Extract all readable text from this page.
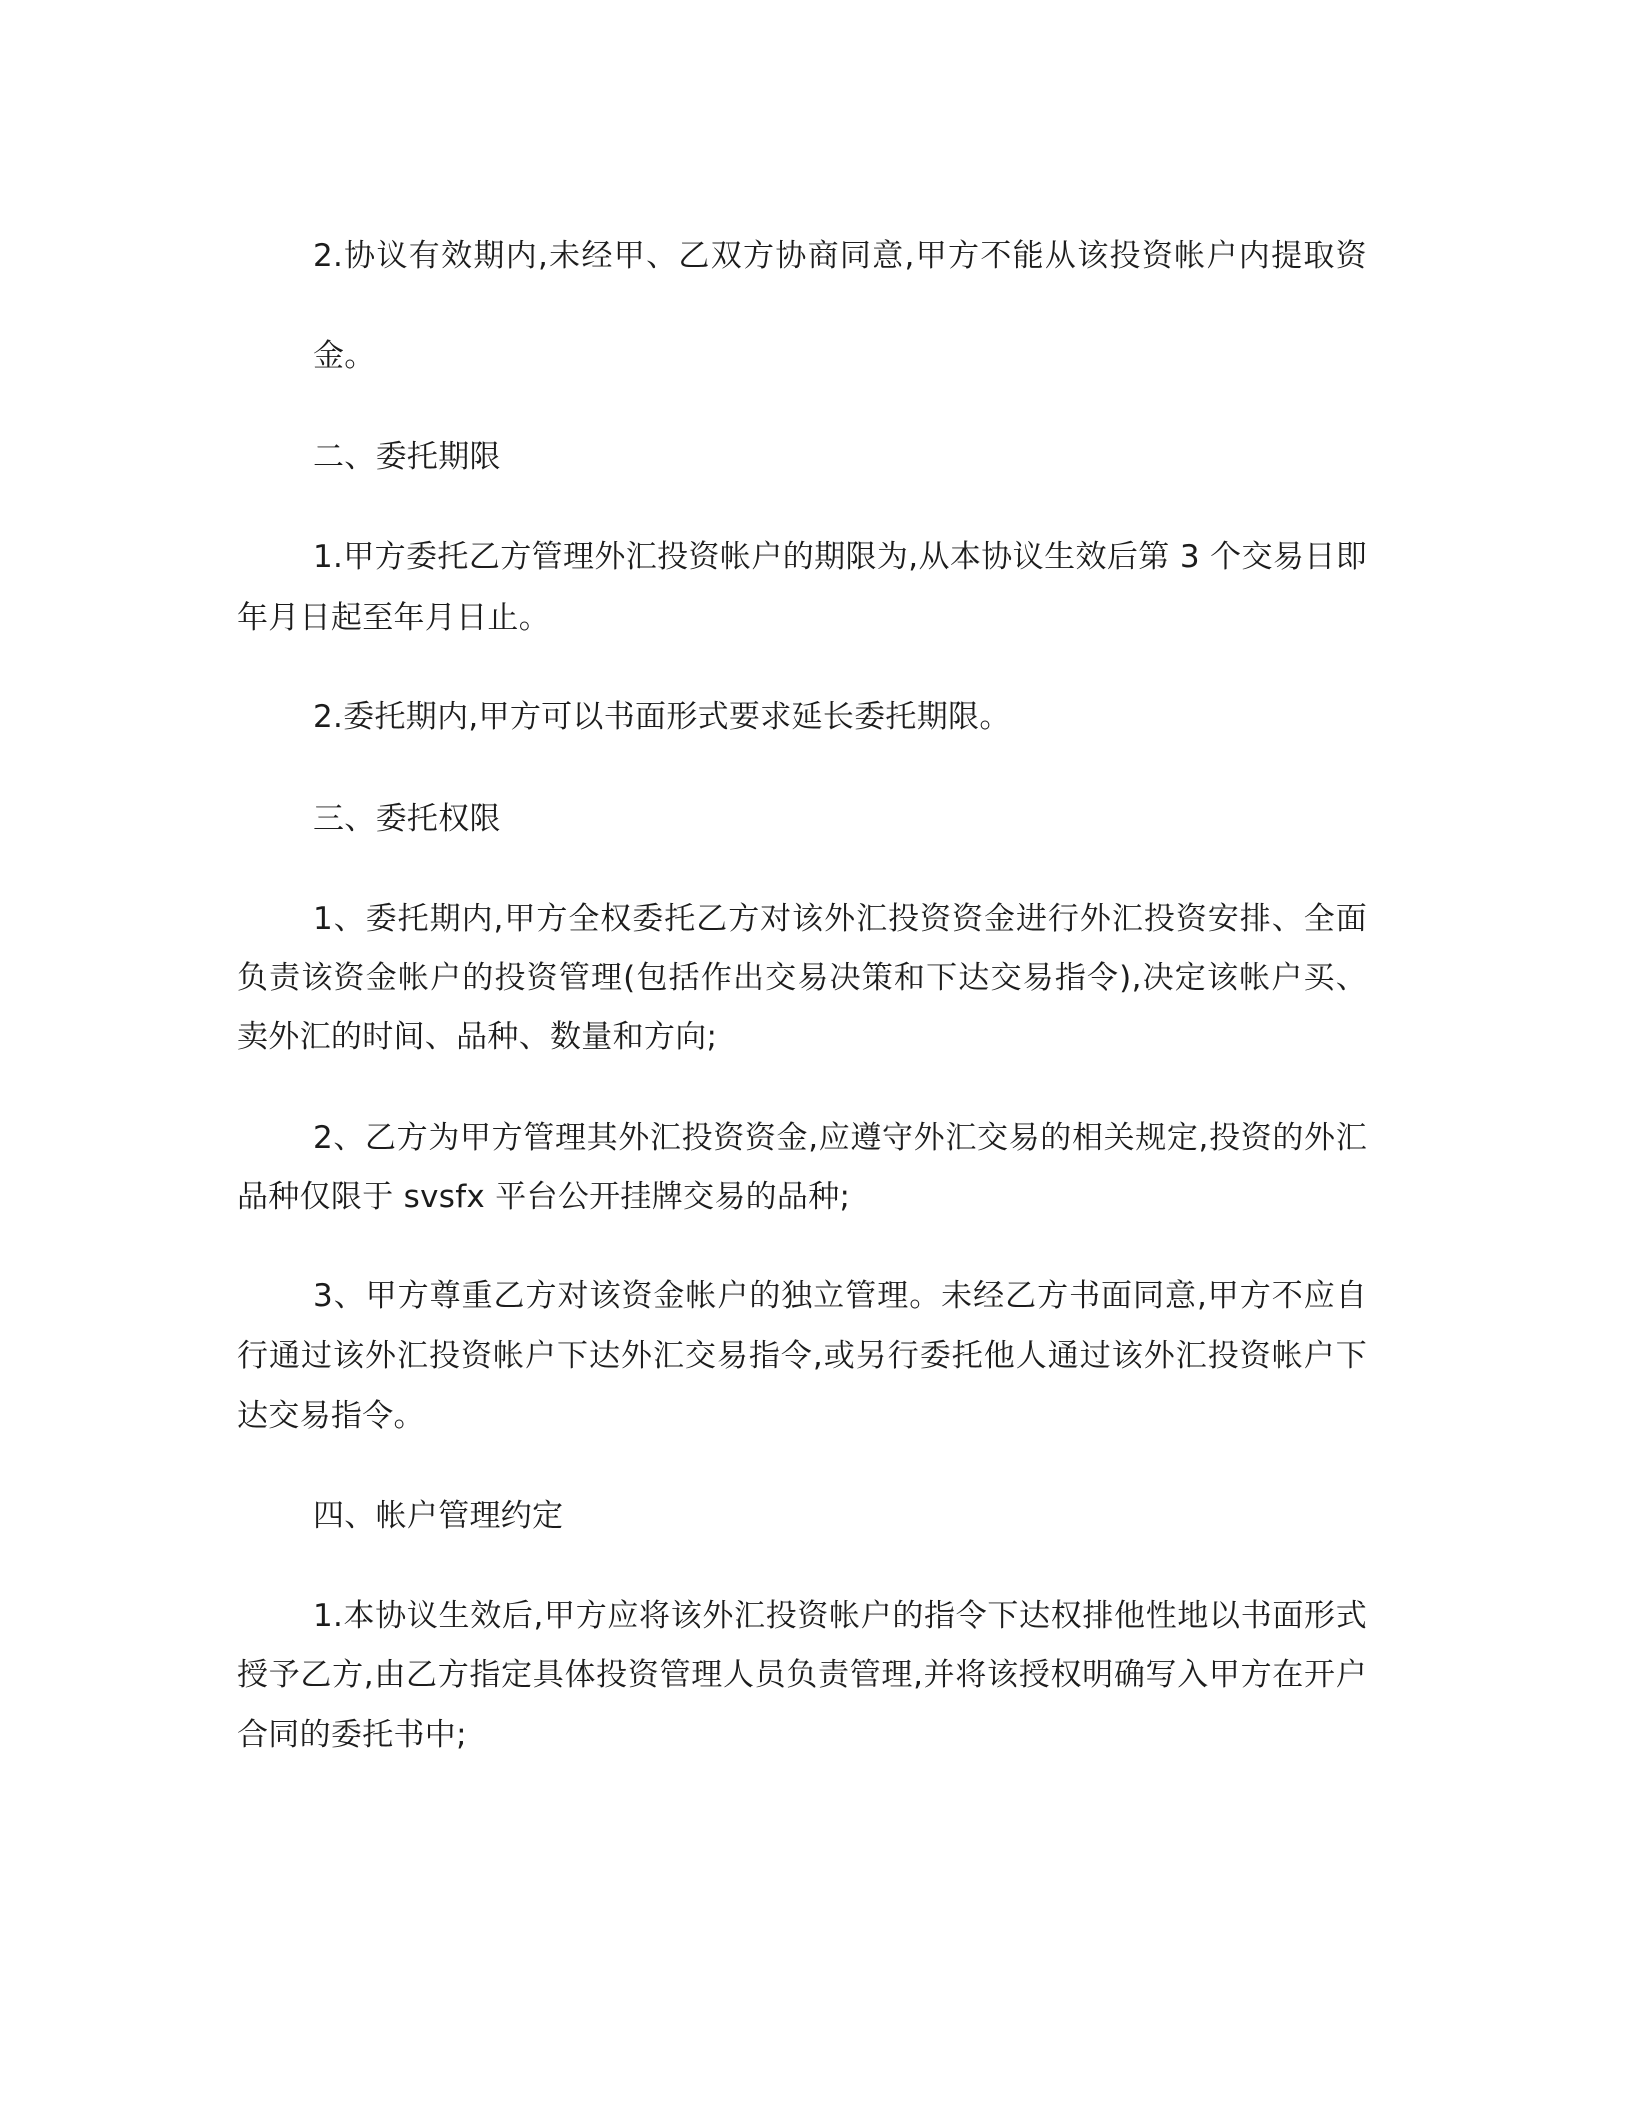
2.协议有效期内,未经甲、乙双方协商同意,甲方不能从该投资帐户内提取资

金。

二、委托期限

1.甲方委托乙方管理外汇投资帐户的期限为,从本协议生效后第 3 个交易日即

年月日起至年月日止。

2.委托期内,甲方可以书面形式要求延长委托期限。

三、委托权限

1、委托期内,甲方全权委托乙方对该外汇投资资金进行外汇投资安排、全面

负责该资金帐户的投资管理(包括作出交易决策和下达交易指令),决定该帐户买、

卖外汇的时间、品种、数量和方向;

2、乙方为甲方管理其外汇投资资金,应遵守外汇交易的相关规定,投资的外汇

品种仅限于 svsfx 平台公开挂牌交易的品种;

3、甲方尊重乙方对该资金帐户的独立管理。未经乙方书面同意,甲方不应自

行通过该外汇投资帐户下达外汇交易指令,或另行委托他人通过该外汇投资帐户下

达交易指令。

四、帐户管理约定

1.本协议生效后,甲方应将该外汇投资帐户的指令下达权排他性地以书面形式

授予乙方,由乙方指定具体投资管理人员负责管理,并将该授权明确写入甲方在开户

合同的委托书中;
